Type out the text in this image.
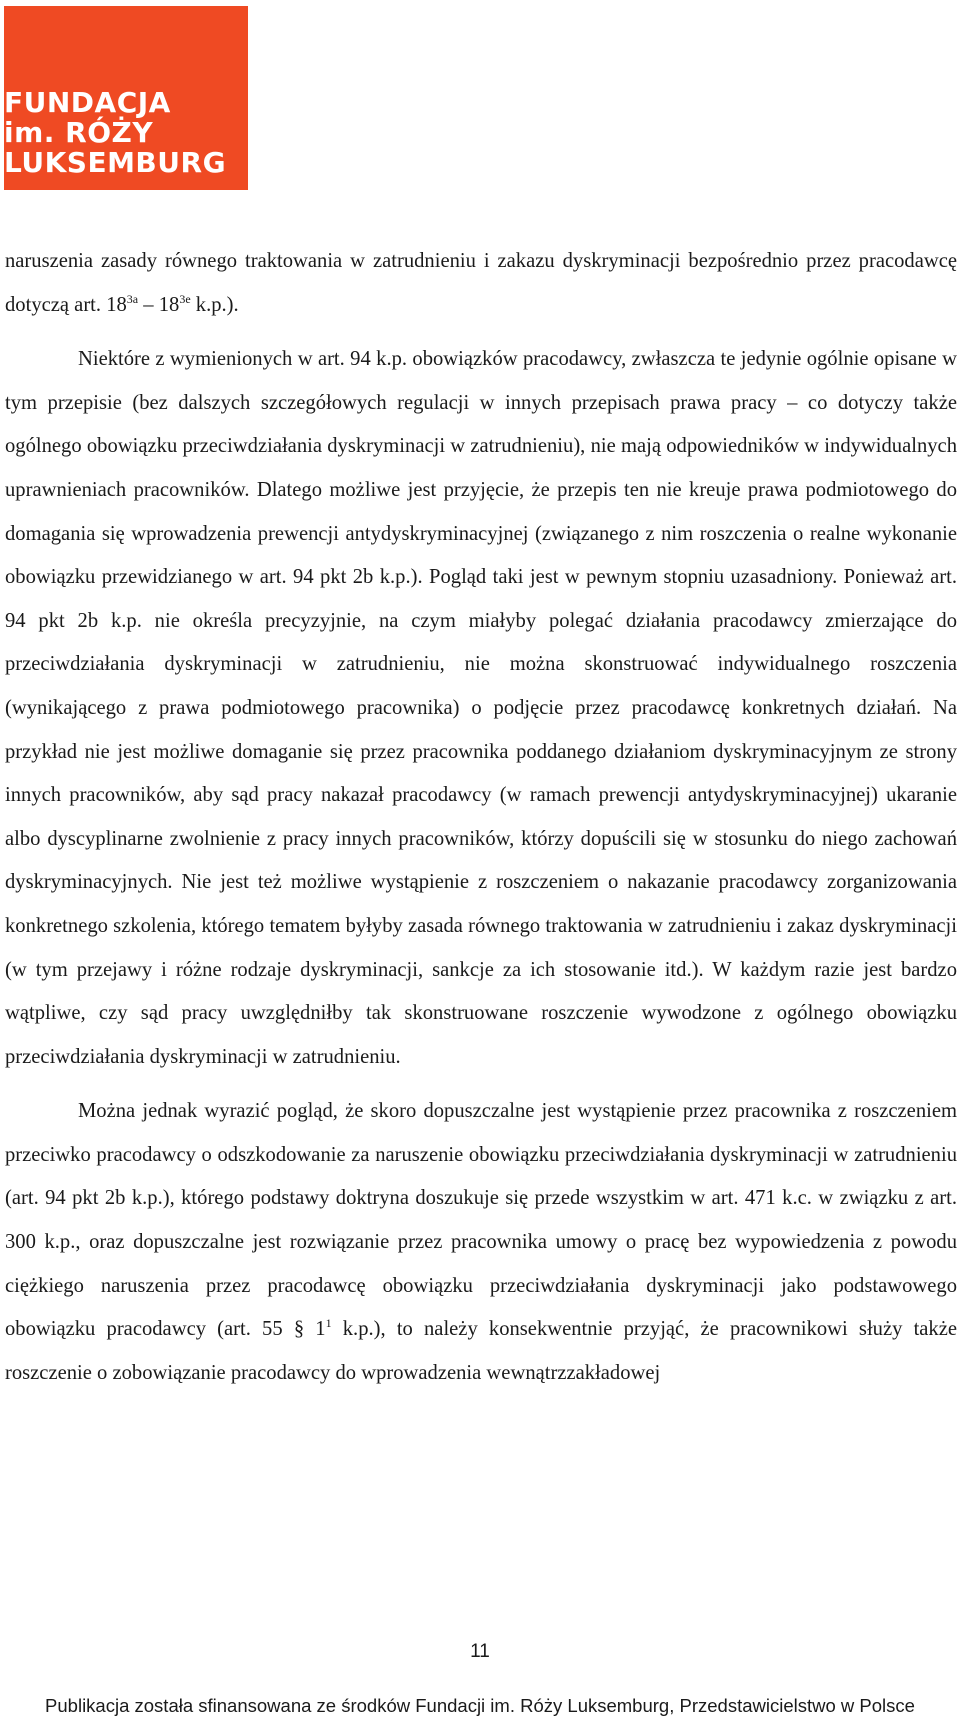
FUNDACJA
im. RÓŻY
LUKSEMBURG

naruszenia zasady równego traktowania w zatrudnieniu i zakazu dyskryminacji bezpośrednio przez pracodawcę dotyczą art. $18^{3a} - 18^{3e}$ k.p.).

Niektóre z wymienionych w art. 94 k.p. obowiązków pracodawcy, zwłaszcza te jedynie ogólnie opisane w tym przepisie (bez dalszych szczegółowych regulacji w innych przepisach prawa pracy – co dotyczy także ogólnego obowiązku przeciwdziałania dyskryminacji w zatrudnieniu), nie mają odpowiedników w indywidualnych uprawnieniach pracowników. Dlatego możliwe jest przyjęcie, że przepis ten nie kreuje prawa podmiotowego do domagania się wprowadzenia prewencji antydyskryminacyjnej (związanego z nim roszczenia o realne wykonanie obowiązku przewidzianego w art. 94 pkt 2b k.p.). Pogląd taki jest w pewnym stopniu uzasadniony. Ponieważ art. 94 pkt 2b k.p. nie określa precyzyjnie, na czym miałyby polegać działania pracodawcy zmierzające do przeciwdziałania dyskryminacji w zatrudnieniu, nie można skonstruować indywidualnego roszczenia (wynikającego z prawa podmiotowego pracownika) o podjęcie przez pracodawcę konkretnych działań. Na przykład nie jest możliwe domaganie się przez pracownika poddanego działaniom dyskryminacyjnym ze strony innych pracowników, aby sąd pracy nakazał pracodawcy (w ramach prewencji antydyskryminacyjnej) ukaranie albo dyscyplinarne zwolnienie z pracy innych pracowników, którzy dopuścili się w stosunku do niego zachowań dyskryminacyjnych. Nie jest też możliwe wystąpienie z roszczeniem o nakazanie pracodawcy zorganizowania konkretnego szkolenia, którego tematem byłyby zasada równego traktowania w zatrudnieniu i zakaz dyskryminacji (w tym przejawy i różne rodzaje dyskryminacji, sankcje za ich stosowanie itd.). W każdym razie jest bardzo wątpliwe, czy sąd pracy uwzględniłby tak skonstruowane roszczenie wywodzone z ogólnego obowiązku przeciwdziałania dyskryminacji w zatrudnieniu.

Można jednak wyrazić pogląd, że skoro dopuszczalne jest wystąpienie przez pracownika z roszczeniem przeciwko pracodawcy o odszkodowanie za naruszenie obowiązku przeciwdziałania dyskryminacji w zatrudnieniu (art. 94 pkt 2b k.p.), którego podstawy doktryna doszukuje się przede wszystkim w art. 471 k.c. w związku z art. 300 k.p., oraz dopuszczalne jest rozwiązanie przez pracownika umowy o pracę bez wypowiedzenia z powodu ciężkiego naruszenia przez pracodawcę obowiązku przeciwdziałania dyskryminacji jako podstawowego obowiązku pracodawcy (art. 55 § $1^1$ k.p.), to należy konsekwentnie przyjąć, że pracownikowi służy także roszczenie o zobowiązanie pracodawcy do wprowadzenia wewnątrzzakładowej

11
Publikacja została sfinansowana ze środków Fundacji im. Róży Luksemburg, Przedstawicielstwo w Polsce
